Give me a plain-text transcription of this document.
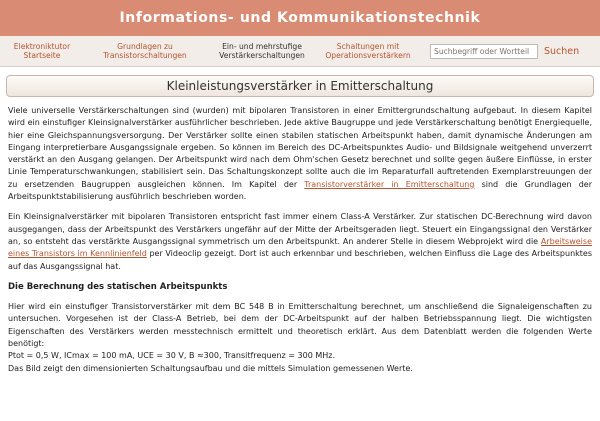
Informations- und Kommunikationstechnik
Elektroniktutor
Startseite
Grundlagen zu
Transistorschaltungen
Ein- und mehrstufige
Verstärkerschaltungen
Schaltungen mit
Operationsverstärkern
Suchbegriff oder Wortteil	Suchen
Kleinleistungsverstärker in Emitterschaltung

Viele universelle Verstärkerschaltungen sind (wurden) mit bipolaren Transistoren in einer Emittergrundschaltung aufgebaut. In diesem Kapitel wird ein einstufiger Kleinsignalverstärker ausführlicher beschrieben. Jede aktive Baugruppe und jede Verstärkerschaltung benötigt Energiequelle, hier eine Gleichspannungsversorgung. Der Verstärker sollte einen stabilen statischen Arbeitspunkt haben, damit dynamische Änderungen am Eingang interpretierbare Ausgangssignale ergeben. So können im Bereich des DC-Arbeitspunktes Audio- und Bildsignale weitgehend unverzerrt verstärkt an den Ausgang gelangen. Der Arbeitspunkt wird nach dem Ohm'schen Gesetz berechnet und sollte gegen äußere Einflüsse, in erster Linie Temperaturschwankungen, stabilisiert sein. Das Schaltungskonzept sollte auch die im Reparaturfall auftretenden Exemplarstreuungen der zu ersetzenden Baugruppen ausgleichen können. Im Kapitel der Transistorverstärker in Emitterschaltung sind die Grundlagen der Arbeitspunktstabilisierung ausführlich beschrieben worden.

Ein Kleinsignalverstärker mit bipolaren Transistoren entspricht fast immer einem Class-A Verstärker. Zur statischen DC-Berechnung wird davon ausgegangen, dass der Arbeitspunkt des Verstärkers ungefähr auf der Mitte der Arbeitsgeraden liegt. Steuert ein Eingangssignal den Verstärker an, so entsteht das verstärkte Ausgangssignal symmetrisch um den Arbeitspunkt. An anderer Stelle in diesem Webprojekt wird die Arbeitsweise eines Transistors im Kennlinienfeld per Videoclip gezeigt. Dort ist auch erkennbar und beschrieben, welchen Einfluss die Lage des Arbeitspunktes auf das Ausgangssignal hat.

Die Berechnung des statischen Arbeitspunkts

Hier wird ein einstufiger Transistorverstärker mit dem BC 548 B in Emitterschaltung berechnet, um anschließend die Signaleigenschaften zu untersuchen. Vorgesehen ist der Class-A Betrieb, bei dem der DC-Arbeitspunkt auf der halben Betriebsspannung liegt. Die wichtigsten Eigenschaften des Verstärkers werden messtechnisch ermittelt und theoretisch erklärt. Aus dem Datenblatt werden die folgenden Werte benötigt:
Ptot = 0,5 W, ICmax = 100 mA, UCE = 30 V, B ≈300, Transitfrequenz = 300 MHz.
Das Bild zeigt den dimensionierten Schaltungsaufbau und die mittels Simulation gemessenen Werte.
